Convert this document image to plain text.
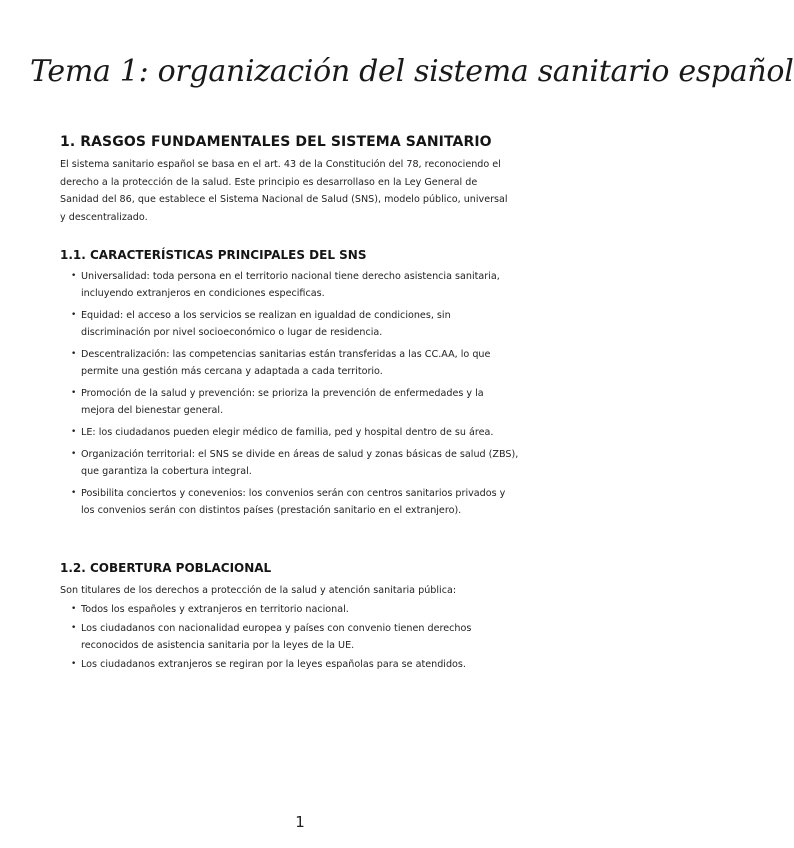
Tema 1: organización del sistema sanitario español
1. RASGOS FUNDAMENTALES DEL SISTEMA SANITARIO

El sistema sanitario español se basa en el art. 43 de la Constitución del 78, reconociendo el derecho a la protección de la salud. Este principio es desarrollaso en la Ley General de Sanidad del 86, que establece el Sistema Nacional de Salud (SNS), modelo público, universal y descentralizado.

1.1. CARACTERÍSTICAS PRINCIPALES DEL SNS
• Universalidad: toda persona en el territorio nacional tiene derecho asistencia sanitaria, incluyendo extranjeros en condiciones especificas.
• Equidad: el acceso a los servicios se realizan en igualdad de condiciones, sin discriminación por nivel socioeconómico o lugar de residencia.
• Descentralización: las competencias sanitarias están transferidas a las CC.AA, lo que permite una gestión más cercana y adaptada a cada territorio.
• Promoción de la salud y prevención: se prioriza la prevención de enfermedades y la mejora del bienestar general.
• LE: los ciudadanos pueden elegir médico de familia, ped y hospital dentro de su área.
• Organización territorial: el SNS se divide en áreas de salud y zonas básicas de salud (ZBS), que garantiza la cobertura integral.
• Posibilita conciertos y conevenios: los convenios serán con centros sanitarios privados y los convenios serán con distintos países (prestación sanitario en el extranjero).
1.2. COBERTURA POBLACIONAL

Son titulares de los derechos a protección de la salud y atención sanitaria pública:

• Todos los españoles y extranjeros en territorio nacional.
• Los ciudadanos con nacionalidad europea y países con convenio tienen derechos reconocidos de asistencia sanitaria por la leyes de la UE.
• Los ciudadanos extranjeros se regiran por la leyes españolas para se atendidos.
1
